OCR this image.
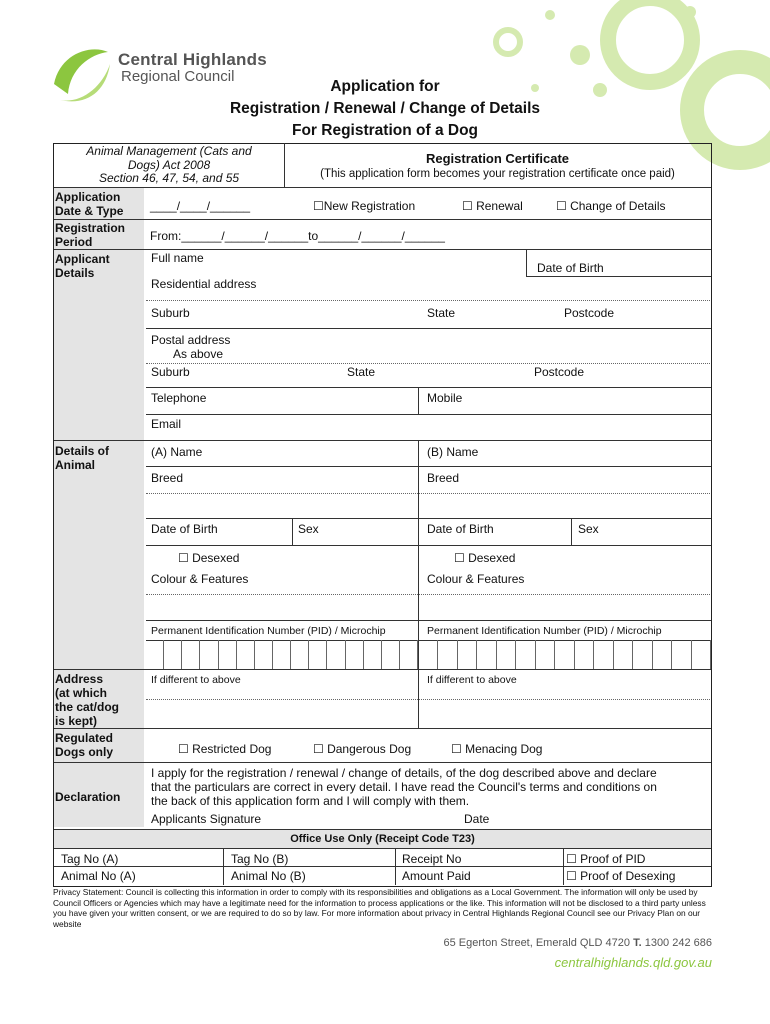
Central Highlands
Regional Council
Application for
Registration / Renewal / Change of Details
For Registration of a Dog
Animal Management (Cats and
Dogs) Act 2008
Section 46, 47, 54, and 55
Registration Certificate
(This application form becomes your registration certificate once paid)
Application
Date & Type	____/____/______	☐New Registration	☐ Renewal	☐ Change of Details
Registration
Period	From:______/______/______to______/______/______
Applicant
Details
Full name
Date of Birth
Residential address
Suburb	State	Postcode
Postal address
As above
Suburb	State	Postcode
Telephone	Mobile
Email
Details of
Animal
(A) Name	(B) Name
Breed	Breed
Date of Birth	Sex	Date of Birth	Sex
☐ Desexed	☐ Desexed
Colour & Features	Colour & Features
Permanent Identification Number (PID) / Microchip	Permanent Identification Number (PID) / Microchip
Address
(at which
the cat/dog
is kept)
If different to above	If different to above
Regulated
Dogs only	☐ Restricted Dog	☐ Dangerous Dog	☐ Menacing Dog
Declaration
I apply for the registration / renewal / change of details, of the dog described above and declare
that the particulars are correct in every detail. I have read the Council's terms and conditions on
the back of this application form and I will comply with them.
Applicants Signature	Date
Office Use Only (Receipt Code T23)
Tag No (A)	Tag No (B)	Receipt No	☐ Proof of PID
Animal No (A)	Animal No (B)	Amount Paid	☐ Proof of Desexing
Privacy Statement: Council is collecting this information in order to comply with its responsibilities and obligations as a Local Government. The information will only be used by Council Officers or Agencies which may have a legitimate need for the information to process applications or the like. This information will not be disclosed to a third party unless you have given your written consent, or we are required to do so by law. For more information about privacy in Central Highlands Regional Council see our Privacy Plan on our website
65 Egerton Street, Emerald QLD 4720 T. 1300 242 686
centralhighlands.qld.gov.au
